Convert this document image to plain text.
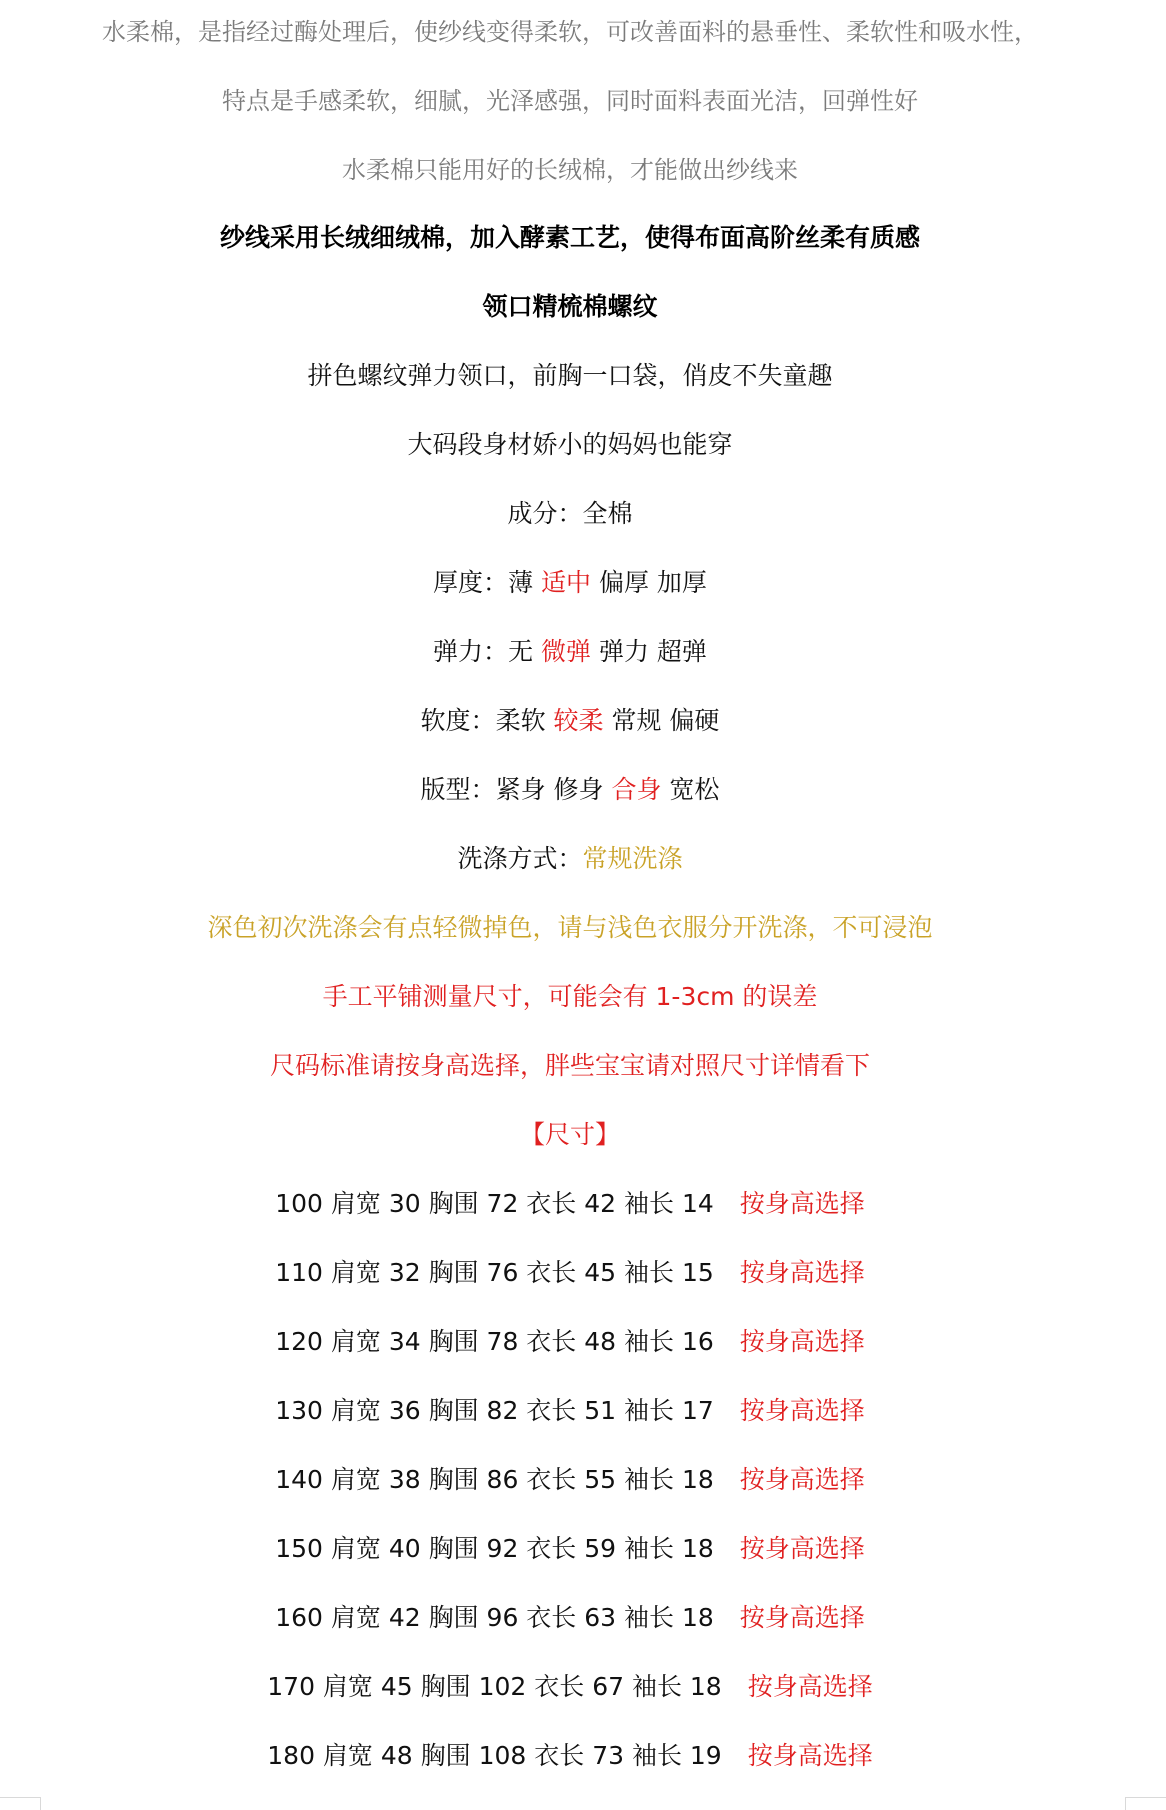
水柔棉，是指经过酶处理后，使纱线变得柔软，可改善面料的悬垂性、柔软性和吸水性，
特点是手感柔软，细腻，光泽感强，同时面料表面光洁，回弹性好
水柔棉只能用好的长绒棉，才能做出纱线来
纱线采用长绒细绒棉，加入酵素工艺，使得布面高阶丝柔有质感
领口精梳棉螺纹
拼色螺纹弹力领口，前胸一口袋，俏皮不失童趣
大码段身材娇小的妈妈也能穿
成分：全棉
厚度：薄 适中 偏厚 加厚
弹力：无 微弹 弹力 超弹
软度：柔软 较柔 常规 偏硬
版型：紧身 修身 合身 宽松
洗涤方式：常规洗涤
深色初次洗涤会有点轻微掉色，请与浅色衣服分开洗涤，不可浸泡
手工平铺测量尺寸，可能会有 1-3cm 的误差
尺码标准请按身高选择，胖些宝宝请对照尺寸详情看下
【尺寸】
100 肩宽 30 胸围 72 衣长 42 袖长 14 按身高选择
110 肩宽 32 胸围 76 衣长 45 袖长 15 按身高选择
120 肩宽 34 胸围 78 衣长 48 袖长 16 按身高选择
130 肩宽 36 胸围 82 衣长 51 袖长 17 按身高选择
140 肩宽 38 胸围 86 衣长 55 袖长 18 按身高选择
150 肩宽 40 胸围 92 衣长 59 袖长 18 按身高选择
160 肩宽 42 胸围 96 衣长 63 袖长 18 按身高选择
170 肩宽 45 胸围 102 衣长 67 袖长 18 按身高选择
180 肩宽 48 胸围 108 衣长 73 袖长 19 按身高选择
